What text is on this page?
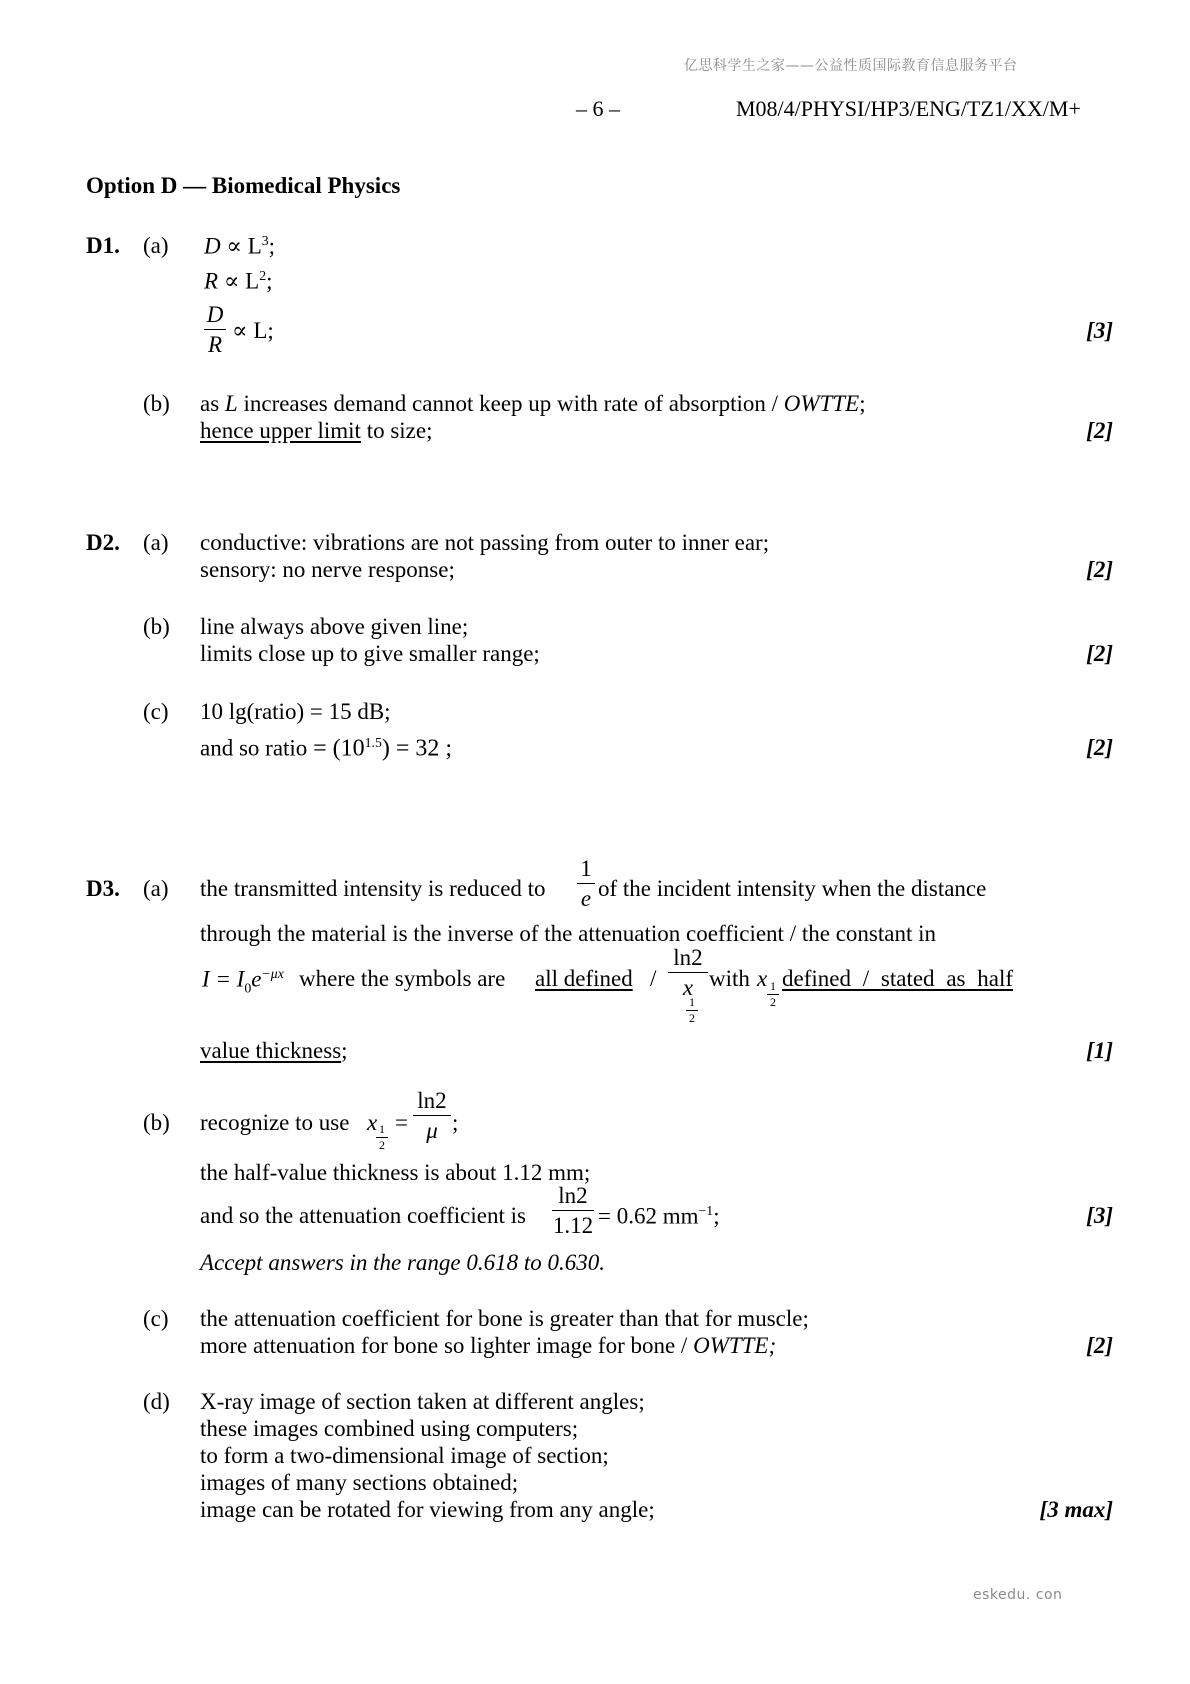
亿思科学生之家——公益性质国际教育信息服务平台
– 6 –	M08/4/PHYSI/HP3/ENG/TZ1/XX/M+
Option D — Biomedical Physics
D1. (a) $D \propto L^3$;
$R \propto L^2$;
D
R
∝ L;	[3]
(b) as L increases demand cannot keep up with rate of absorption / OWTTE;
hence upper limit to size;	[2]
D2. (a) conductive: vibrations are not passing from outer to inner ear;
sensory: no nerve response;	[2]
(b) line always above given line;
limits close up to give smaller range;	[2]
(c) 10 lg(ratio) = 15 dB;
and so ratio = $(10^{1.5}) = 32$ ;	[2]
D3. (a) the transmitted intensity is reduced to
1
e of the incident intensity when the distance
through the material is the inverse of the attenuation coefficient / the constant in
$I = I_0e^{-\mu x}$ where the symbols are all defined /
ln2
x
1
2
with x 1
2
defined / stated as half
value thickness;	[1]
(b) recognize to use x 1
2
=
ln2
μ ;
the half-value thickness is about 1.12 mm;
and so the attenuation coefficient is
ln2
1.12 = 0.62 $mm^{-1}$;	[3]
Accept answers in the range 0.618 to 0.630.
(c) the attenuation coefficient for bone is greater than that for muscle;
more attenuation for bone so lighter image for bone / OWTTE;	[2]
(d) X-ray image of section taken at different angles;
these images combined using computers;
to form a two-dimensional image of section;
images of many sections obtained;
image can be rotated for viewing from any angle;	[3 max]
eskedu. con
